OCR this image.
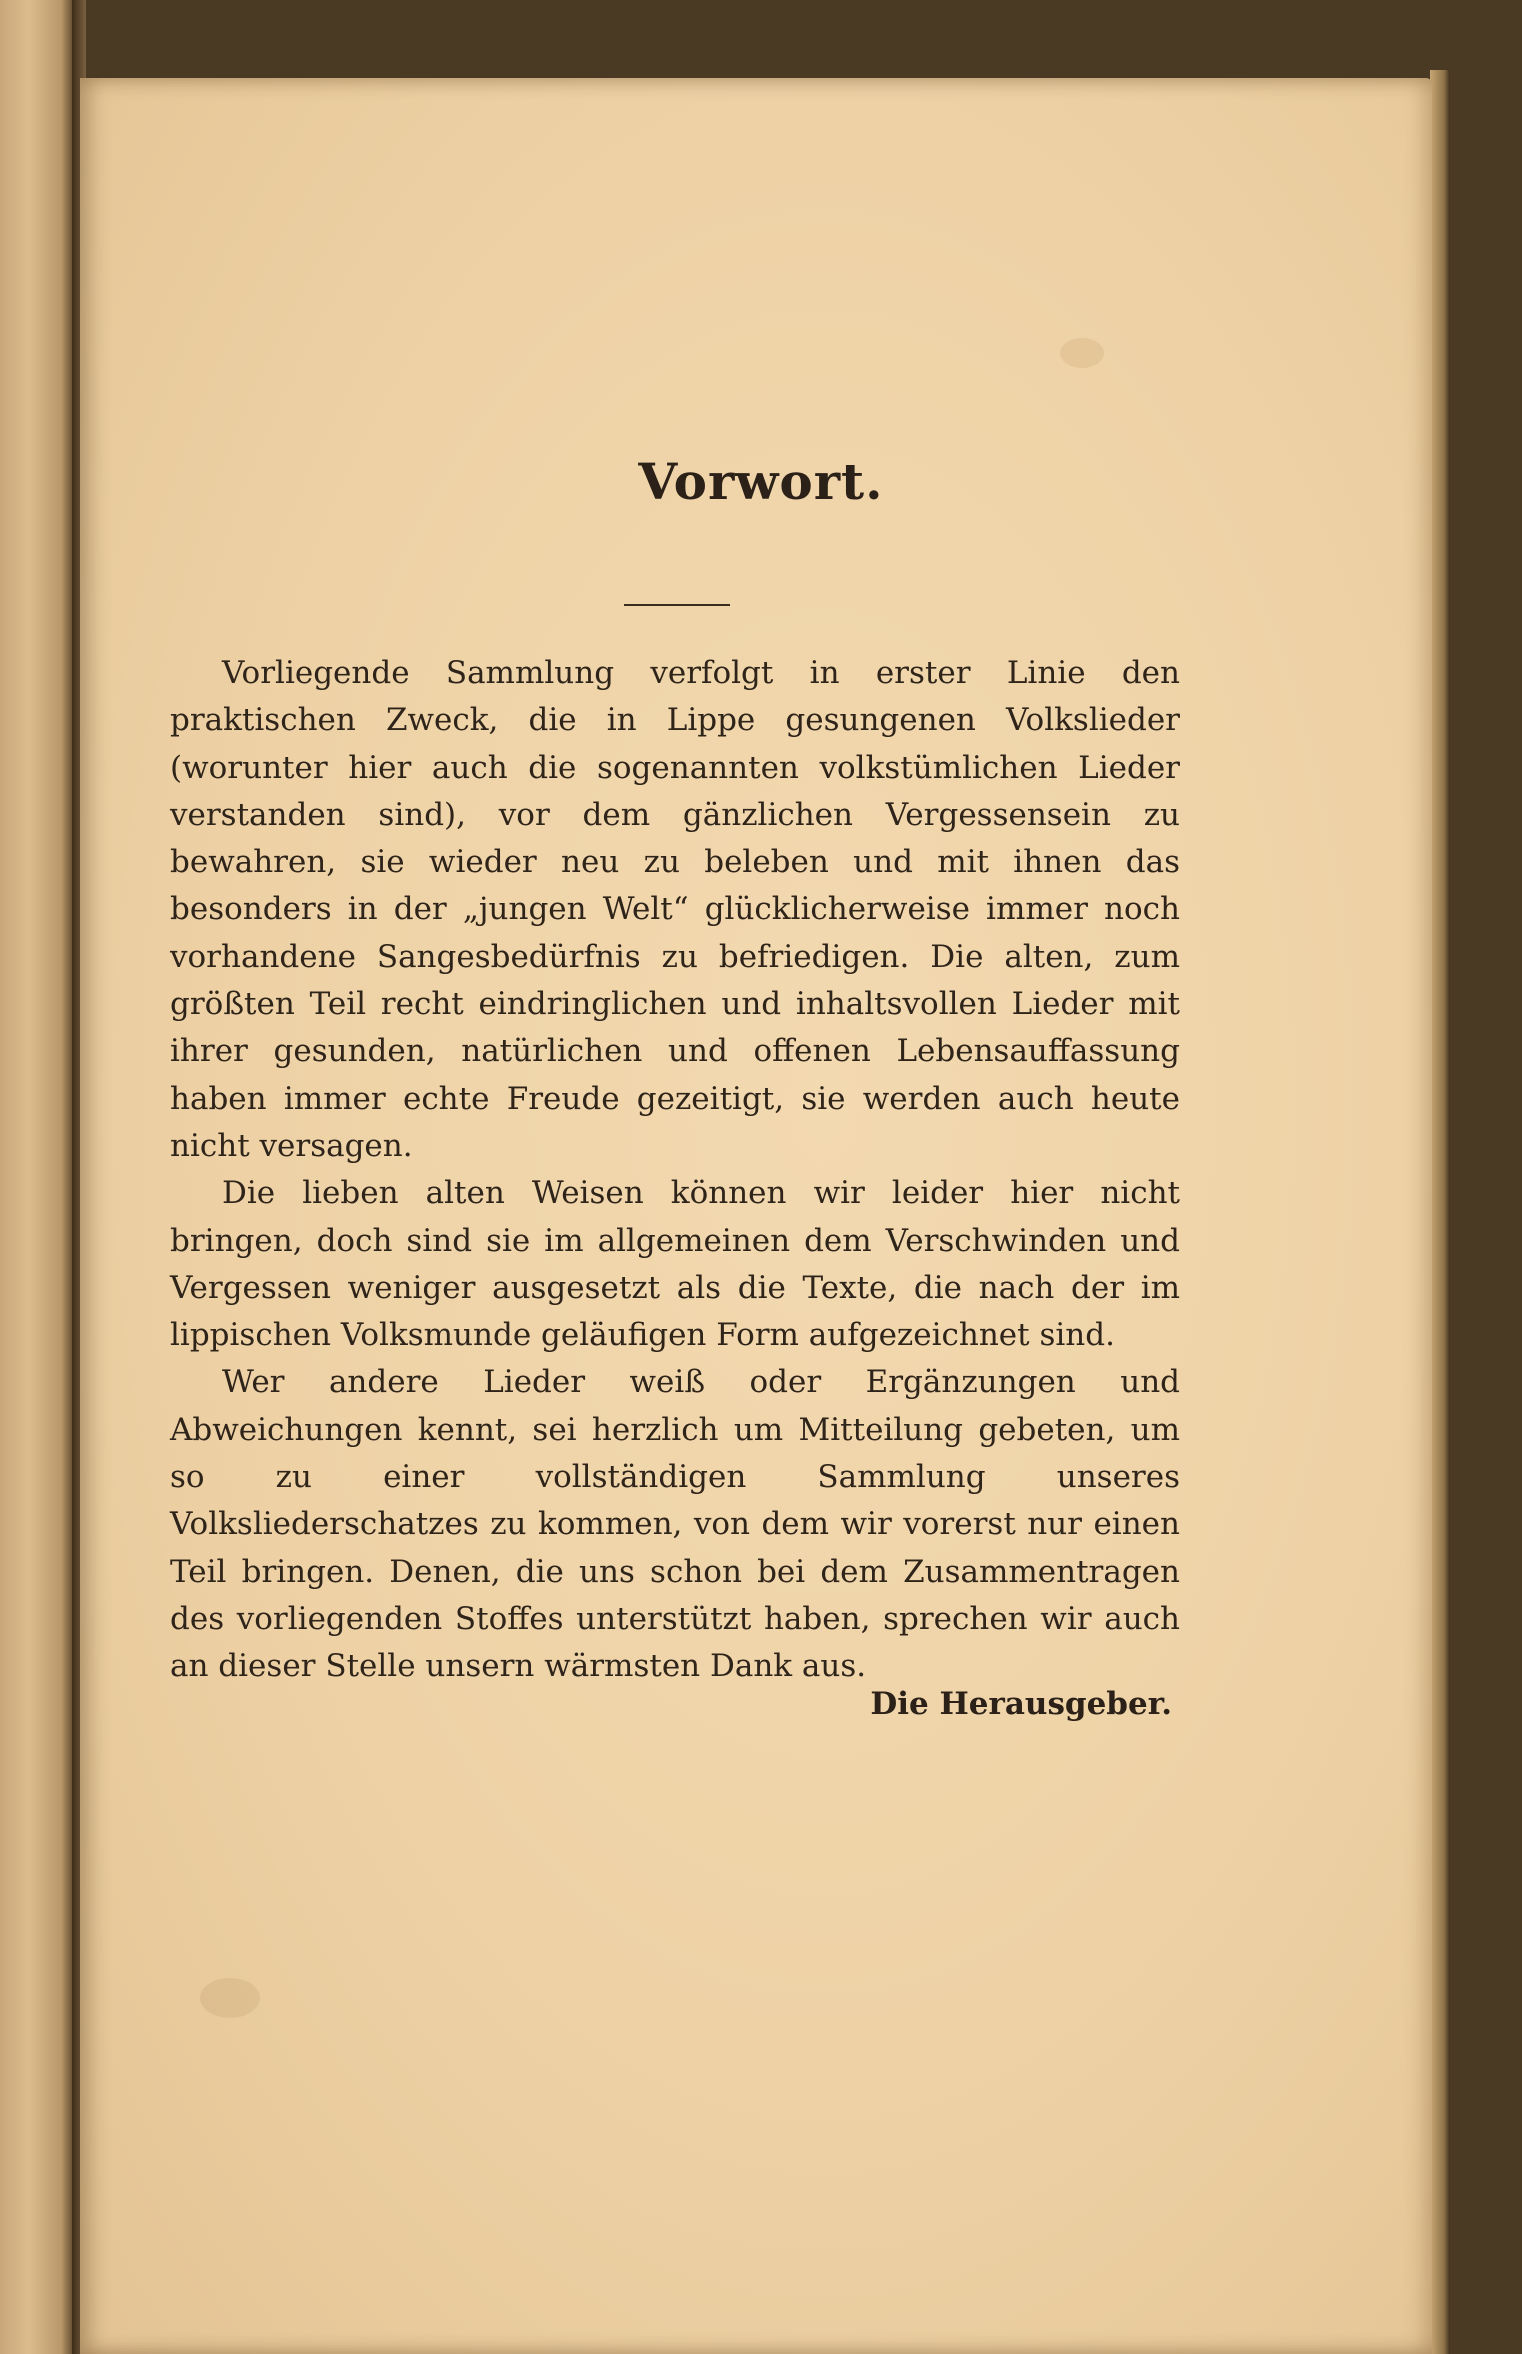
Vorwort.

Vorliegende Sammlung verfolgt in erster Linie den praktischen Zweck, die in Lippe gesungenen Volkslieder (worunter hier auch die sogenannten volkstümlichen Lieder verstanden sind), vor dem gänzlichen Vergessensein zu bewahren, sie wieder neu zu beleben und mit ihnen das besonders in der „jungen Welt“ glücklicherweise immer noch vorhandene Sangesbedürfnis zu befriedigen. Die alten, zum größten Teil recht eindringlichen und inhaltsvollen Lieder mit ihrer gesunden, natürlichen und offenen Lebensauffassung haben immer echte Freude gezeitigt, sie werden auch heute nicht versagen.

Die lieben alten Weisen können wir leider hier nicht bringen, doch sind sie im allgemeinen dem Verschwinden und Vergessen weniger ausgesetzt als die Texte, die nach der im lippischen Volksmunde geläufigen Form aufgezeichnet sind.

Wer andere Lieder weiß oder Ergänzungen und Abweichungen kennt, sei herzlich um Mitteilung gebeten, um so zu einer vollständigen Sammlung unseres Volksliederschatzes zu kommen, von dem wir vorerst nur einen Teil bringen. Denen, die uns schon bei dem Zusammentragen des vorliegenden Stoffes unterstützt haben, sprechen wir auch an dieser Stelle unsern wärmsten Dank aus.

Die Herausgeber.
